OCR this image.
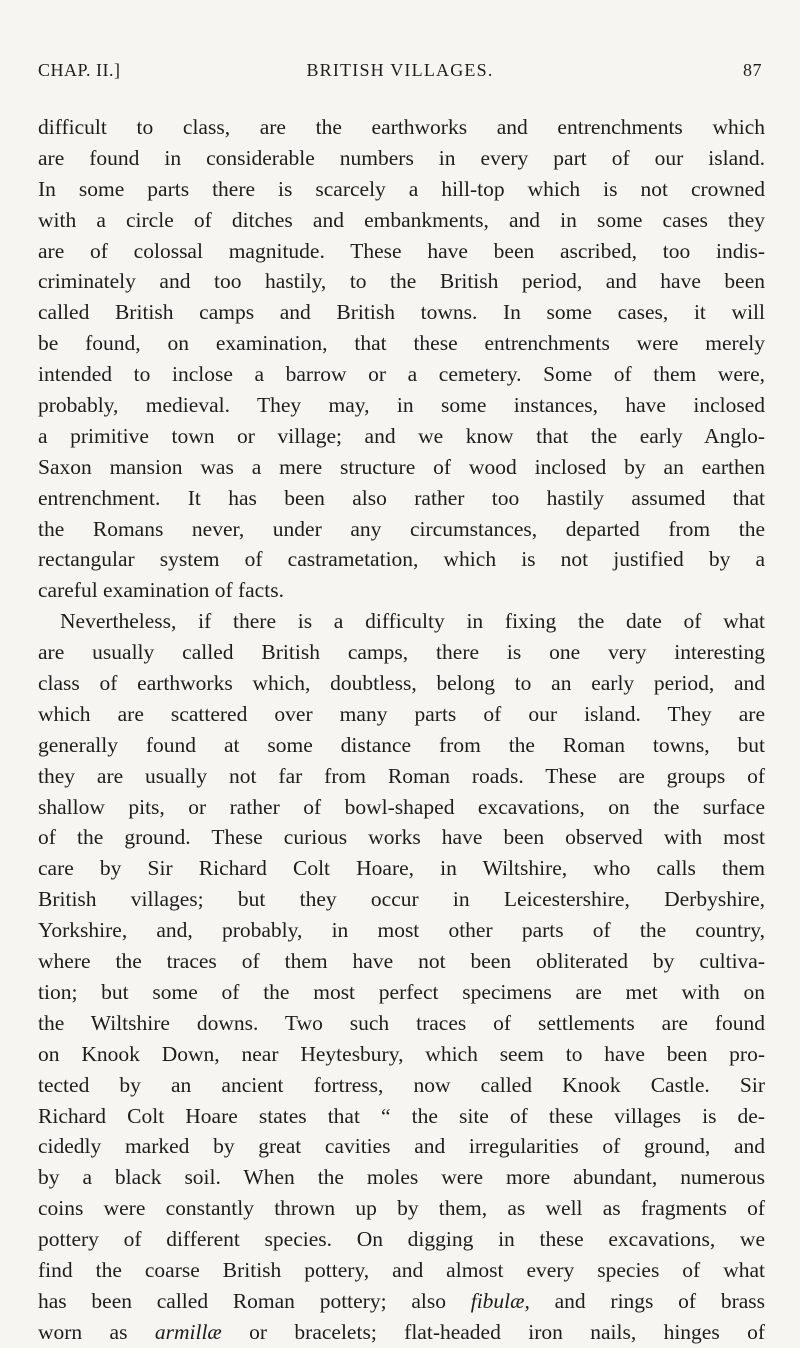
CHAP. II.]	BRITISH VILLAGES.	87
difficult to class, are the earthworks and entrenchments which
are found in considerable numbers in every part of our island.
In some parts there is scarcely a hill-top which is not crowned
with a circle of ditches and embankments, and in some cases they
are of colossal magnitude. These have been ascribed, too indis-
criminately and too hastily, to the British period, and have been
called British camps and British towns. In some cases, it will
be found, on examination, that these entrenchments were merely
intended to inclose a barrow or a cemetery. Some of them were,
probably, medieval. They may, in some instances, have inclosed
a primitive town or village; and we know that the early Anglo-
Saxon mansion was a mere structure of wood inclosed by an earthen
entrenchment. It has been also rather too hastily assumed that
the Romans never, under any circumstances, departed from the
rectangular system of castrametation, which is not justified by a
careful examination of facts.
Nevertheless, if there is a difficulty in fixing the date of what
are usually called British camps, there is one very interesting
class of earthworks which, doubtless, belong to an early period, and
which are scattered over many parts of our island. They are
generally found at some distance from the Roman towns, but
they are usually not far from Roman roads. These are groups of
shallow pits, or rather of bowl-shaped excavations, on the surface
of the ground. These curious works have been observed with most
care by Sir Richard Colt Hoare, in Wiltshire, who calls them
British villages; but they occur in Leicestershire, Derbyshire,
Yorkshire, and, probably, in most other parts of the country,
where the traces of them have not been obliterated by cultiva-
tion; but some of the most perfect specimens are met with on
the Wiltshire downs. Two such traces of settlements are found
on Knook Down, near Heytesbury, which seem to have been pro-
tected by an ancient fortress, now called Knook Castle. Sir
Richard Colt Hoare states that “ the site of these villages is de-
cidedly marked by great cavities and irregularities of ground, and
by a black soil. When the moles were more abundant, numerous
coins were constantly thrown up by them, as well as fragments of
pottery of different species. On digging in these excavations, we
find the coarse British pottery, and almost every species of what
has been called Roman pottery; also fibulæ, and rings of brass
worn as armillæ or bracelets; flat-headed iron nails, hinges of
